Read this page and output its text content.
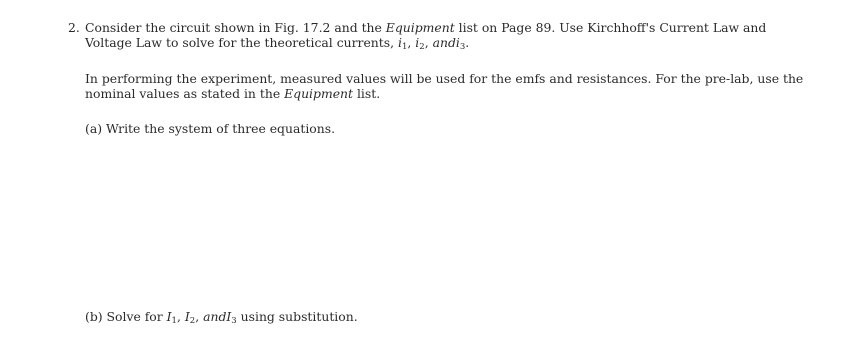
2. Consider the circuit shown in Fig. 17.2 and the Equipment list on Page 89. Use Kirchhoff's Current Law and
Voltage Law to solve for the theoretical currents, $i_1$, $i_2$, andi$_3$.
In performing the experiment, measured values will be used for the emfs and resistances. For the pre-lab, use the
nominal values as stated in the Equipment list.
(a) Write the system of three equations.
(b) Solve for $I_1$, $I_2$, andI$_3$ using substitution.
